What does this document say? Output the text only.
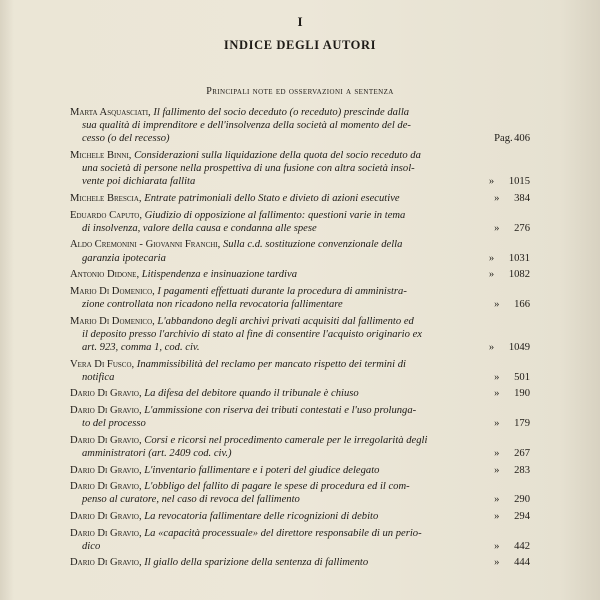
I
INDICE DEGLI AUTORI
Principali note ed osservazioni a sentenza
Marta Asquasciati, Il fallimento del socio deceduto (o receduto) prescinde dalla
sua qualità di imprenditore e dell'insolvenza della società al momento del de-
cesso (o del recesso)	Pag.406
Michele Binni, Considerazioni sulla liquidazione della quota del socio receduto da
una società di persone nella prospettiva di una fusione con altra società insol-
vente poi dichiarata fallita	» 1015
Michele Brescia, Entrate patrimoniali dello Stato e divieto di azioni esecutive	» 384
Eduardo Caputo, Giudizio di opposizione al fallimento: questioni varie in tema
di insolvenza, valore della causa e condanna alle spese	» 276
Aldo Cremonini - Giovanni Franchi, Sulla c.d. sostituzione convenzionale della
garanzia ipotecaria	» 1031
Antonio Didone, Litispendenza e insinuazione tardiva	» 1082
Mario Di Domenico, I pagamenti effettuati durante la procedura di amministra-
zione controllata non ricadono nella revocatoria fallimentare	» 166
Mario Di Domenico, L'abbandono degli archivi privati acquisiti dal fallimento ed
il deposito presso l'archivio di stato al fine di consentire l'acquisto originario ex
art. 923, comma 1, cod. civ.	» 1049
Vera Di Fusco, Inammissibilità del reclamo per mancato rispetto dei termini di
notifica	» 501
Dario Di Gravio, La difesa del debitore quando il tribunale è chiuso	» 190
Dario Di Gravio, L'ammissione con riserva dei tributi contestati e l'uso prolunga-
to del processo	» 179
Dario Di Gravio, Corsi e ricorsi nel procedimento camerale per le irregolarità degli
amministratori (art. 2409 cod. civ.)	» 267
Dario Di Gravio, L'inventario fallimentare e i poteri del giudice delegato	» 283
Dario Di Gravio, L'obbligo del fallito di pagare le spese di procedura ed il com-
penso al curatore, nel caso di revoca del fallimento	» 290
Dario Di Gravio, La revocatoria fallimentare delle ricognizioni di debito	» 294
Dario Di Gravio, La «capacità processuale» del direttore responsabile di un perio-
dico	» 442
Dario Di Gravio, Il giallo della sparizione della sentenza di fallimento	» 444
